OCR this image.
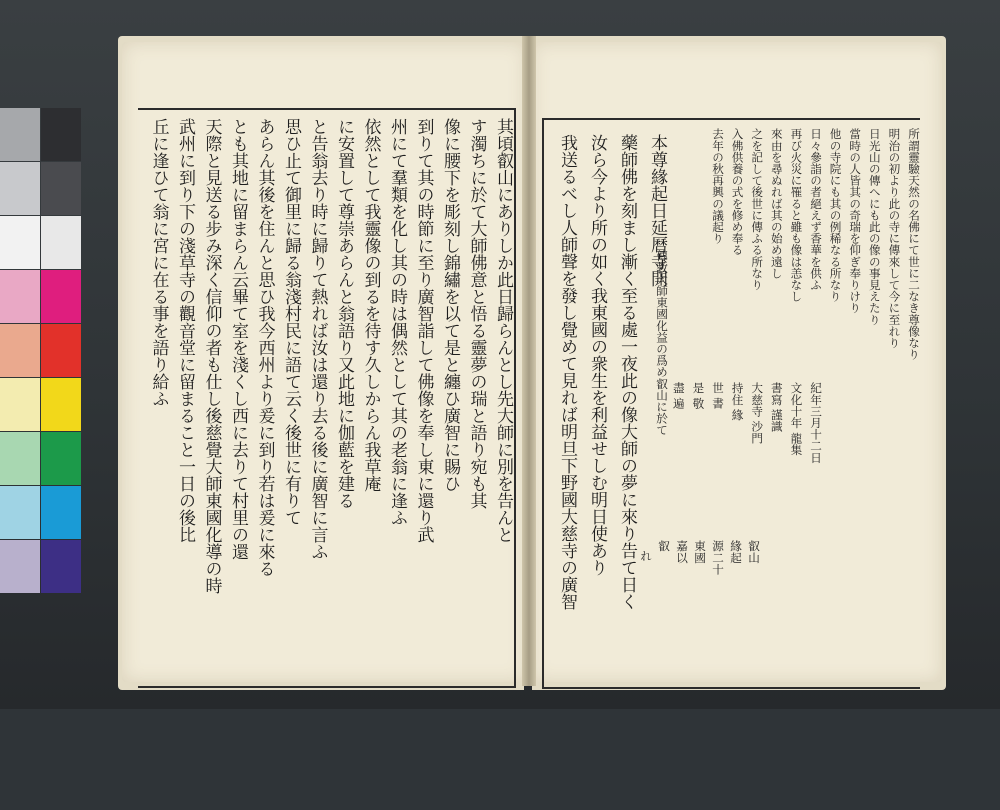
其頃叡山にありしか此日歸らんとし先大師に別を告んと
す濁ちに於て大師佛意と悟る靈夢の瑞と語り宛も其
像に腰下を彫刻し錦繡を以て是と纏ひ廣智に賜ひ
到りて其の時節に至り廣智詣して佛像を奉し東に還り武
州にて羣類を化し其の時は偶然として其の老翁に逢ふ
依然として我靈像の到るを待す久しからん我草庵
に安置して尊崇あらんと翁語り又此地に伽藍を建る
と告翁去り時に歸りて熱れば汝は還り去る後に廣智に言ふ
思ひ止て御里に歸る翁淺村民に語て云く後世に有りて
あらん其後を住んと思ひ我今西州より爰に到り若は爰に來る
とも其地に留まらん云畢て室を淺くし西に去りて村里の還
天際と見送る步み深く信仰の者も仕し後慈覺大師東國化導の時
武州に到り下の淺草寺の觀音堂に留まること一日の後比
丘に逢ひて翁に宮に在る事を語り給ふ	本尊緣起日延曆寺開
藥師佛を刻まし漸く至る處一夜此の像大師の夢に來り告て日く
汝ら今より所の如く我東國の衆生を利益せしむ明日使あり
我送るべし人師聲を發し覺めて見れば明旦下野國大慈寺の廣智	傳教大師東國化益の爲め叡山に於て
れ
所謂靈驗天然の名佛にて世に二なき尊像なり
明治の初より此の寺に傳來して今に至れり
日光山の傳へにも此の像の事見えたり
當時の人皆其の奇瑞を仰ぎ奉りけり
他の寺院にも其の例稀なる所なり
日々參詣の者絕えず香華を供ふ
再び火災に罹ると雖も像は恙なし
來由を尋ぬれば其の始め遠し
之を記して後世に傳ふる所なり
入佛供養の式を修め奉る
去年の秋再興の議起り
紀年三月十二日
文化十年 龍集
書寫 謹識
大慈寺 沙門
持住 緣
世 書
是 敬
盡 遍
叡山
緣起
源二十
東國
嘉以
叡
